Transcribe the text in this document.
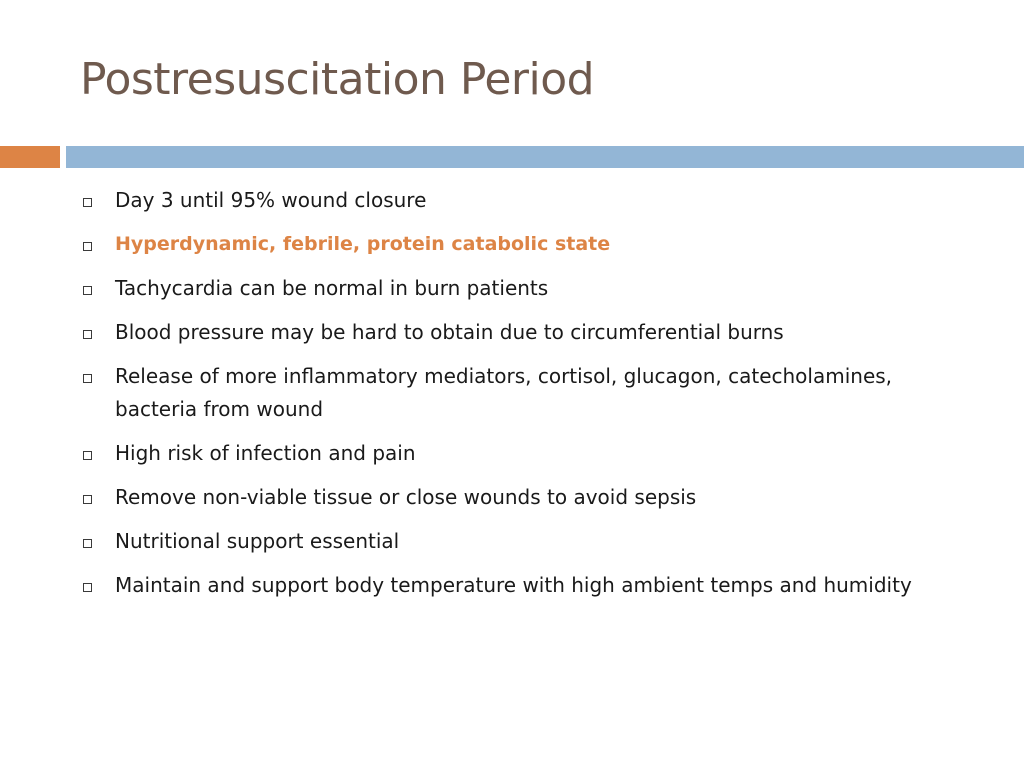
Postresuscitation Period
Day 3 until 95% wound closure
Hyperdynamic, febrile, protein catabolic state
Tachycardia can be normal in burn patients
Blood pressure may be hard to obtain due to circumferential burns
Release of more inflammatory mediators, cortisol, glucagon, catecholamines, bacteria from wound
High risk of infection and pain
Remove non-viable tissue or close wounds to avoid sepsis
Nutritional support essential
Maintain and support body temperature with high ambient temps and humidity
